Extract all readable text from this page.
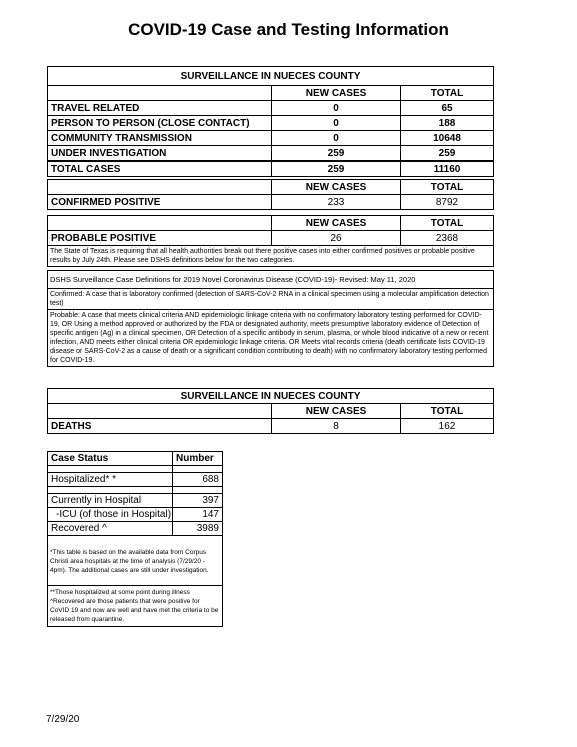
COVID-19 Case and Testing Information
SURVEILLANCE IN NUECES COUNTY		
	NEW CASES	TOTAL
TRAVEL RELATED	0	65
PERSON TO PERSON (CLOSE CONTACT)	0	188
COMMUNITY TRANSMISSION	0	10648
UNDER INVESTIGATION	259	259
TOTAL CASES	259	11160
	NEW CASES	TOTAL
CONFIRMED POSITIVE	233	8792
	NEW CASES	TOTAL
PROBABLE POSITIVE	26	2368
The State of Texas is requiring that all health authorities break out there positive cases into either confirmed positives or probable positive results by July 24th. Please see DSHS definitions below for the two categories.		
DSHS Surveillance Case Definitions for 2019 Novel Coronavirus Disease (COVID-19)- Revised: May 11, 2020
Confirmed: A case that is laboratory confirmed (detection of SARS-CoV-2 RNA in a clinical specimen using a molecular amplification detection test)
Probable: A case that meets clinical criteria AND epidemiologic linkage criteria with no confirmatory laboratory testing performed for COVID-19, OR Using a method approved or authorized by the FDA or designated authority, meets presumptive laboratory evidence of Detection of specific antigen (Ag) in a clinical specimen, OR Detection of a specific antibody in serum, plasma, or whole blood indicative of a new or recent infection, AND meets either clinical criteria OR epidemiologic linkage criteria. OR Meets vital records criteria (death certificate lists COVID-19 disease or SARS-CoV-2 as a cause of death or a significant condition contributing to death) with no confirmatory laboratory testing performed for COVID-19.
SURVEILLANCE IN NUECES COUNTY		
	NEW CASES	TOTAL
DEATHS	8	162
Case Status	Number

Hospitalized* *	688

Currently in Hospital	397
-ICU (of those in Hospital)	147
Recovered ^	3989
*This table is based on the available data from Corpus Christi area hospitals at the time of analysis (7/29/20 - 4pm). The additional cases are still under investigation.	
**Those hospitalized at some point during illness ^Recovered are those patients that were positive for CoVID 19 and now are well and have met the criteria to be released from quarantine.	
7/29/20
